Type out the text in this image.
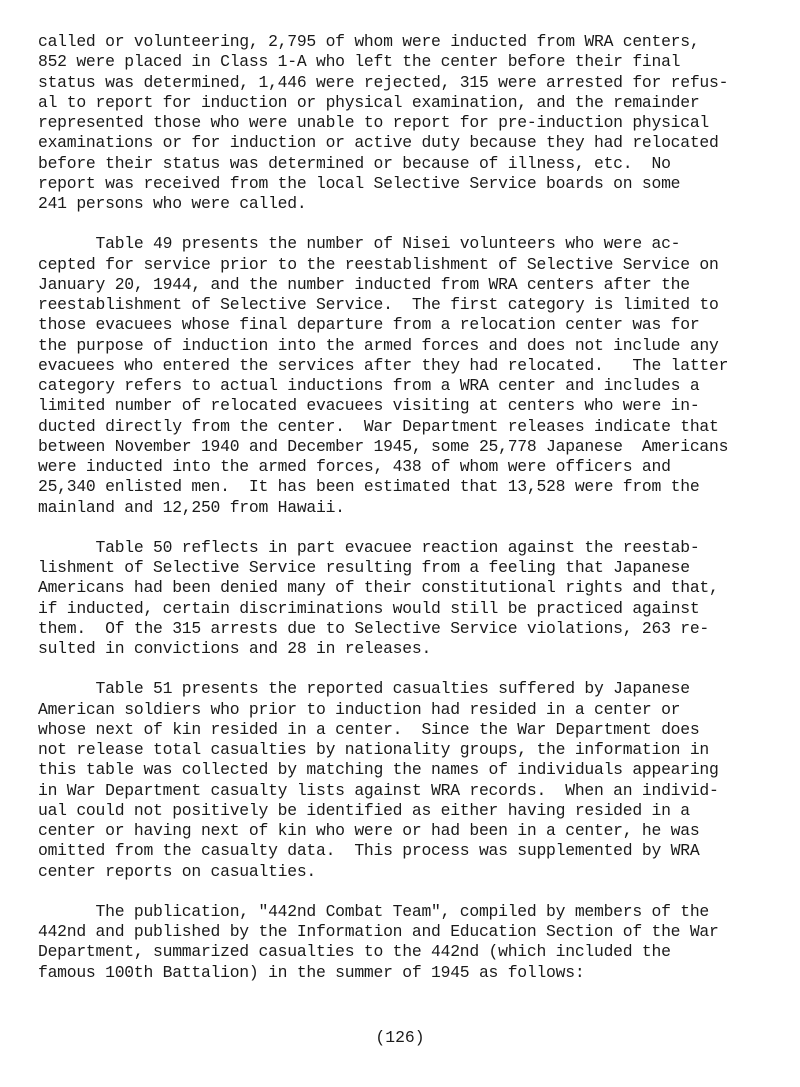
called or volunteering, 2,795 of whom were inducted from WRA centers,
852 were placed in Class 1-A who left the center before their final
status was determined, 1,446 were rejected, 315 were arrested for refus-
al to report for induction or physical examination, and the remainder
represented those who were unable to report for pre-induction physical
examinations or for induction or active duty because they had relocated
before their status was determined or because of illness, etc.  No
report was received from the local Selective Service boards on some
241 persons who were called.
Table 49 presents the number of Nisei volunteers who were ac-
cepted for service prior to the reestablishment of Selective Service on
January 20, 1944, and the number inducted from WRA centers after the
reestablishment of Selective Service.  The first category is limited to
those evacuees whose final departure from a relocation center was for
the purpose of induction into the armed forces and does not include any
evacuees who entered the services after they had relocated.   The latter
category refers to actual inductions from a WRA center and includes a
limited number of relocated evacuees visiting at centers who were in-
ducted directly from the center.  War Department releases indicate that
between November 1940 and December 1945, some 25,778 Japanese  Americans
were inducted into the armed forces, 438 of whom were officers and
25,340 enlisted men.  It has been estimated that 13,528 were from the
mainland and 12,250 from Hawaii.
Table 50 reflects in part evacuee reaction against the reestab-
lishment of Selective Service resulting from a feeling that Japanese
Americans had been denied many of their constitutional rights and that,
if inducted, certain discriminations would still be practiced against
them.  Of the 315 arrests due to Selective Service violations, 263 re-
sulted in convictions and 28 in releases.
Table 51 presents the reported casualties suffered by Japanese
American soldiers who prior to induction had resided in a center or
whose next of kin resided in a center.  Since the War Department does
not release total casualties by nationality groups, the information in
this table was collected by matching the names of individuals appearing
in War Department casualty lists against WRA records.  When an individ-
ual could not positively be identified as either having resided in a
center or having next of kin who were or had been in a center, he was
omitted from the casualty data.  This process was supplemented by WRA
center reports on casualties.
The publication, "442nd Combat Team", compiled by members of the
442nd and published by the Information and Education Section of the War
Department, summarized casualties to the 442nd (which included the
famous 100th Battalion) in the summer of 1945 as follows:
(126)
